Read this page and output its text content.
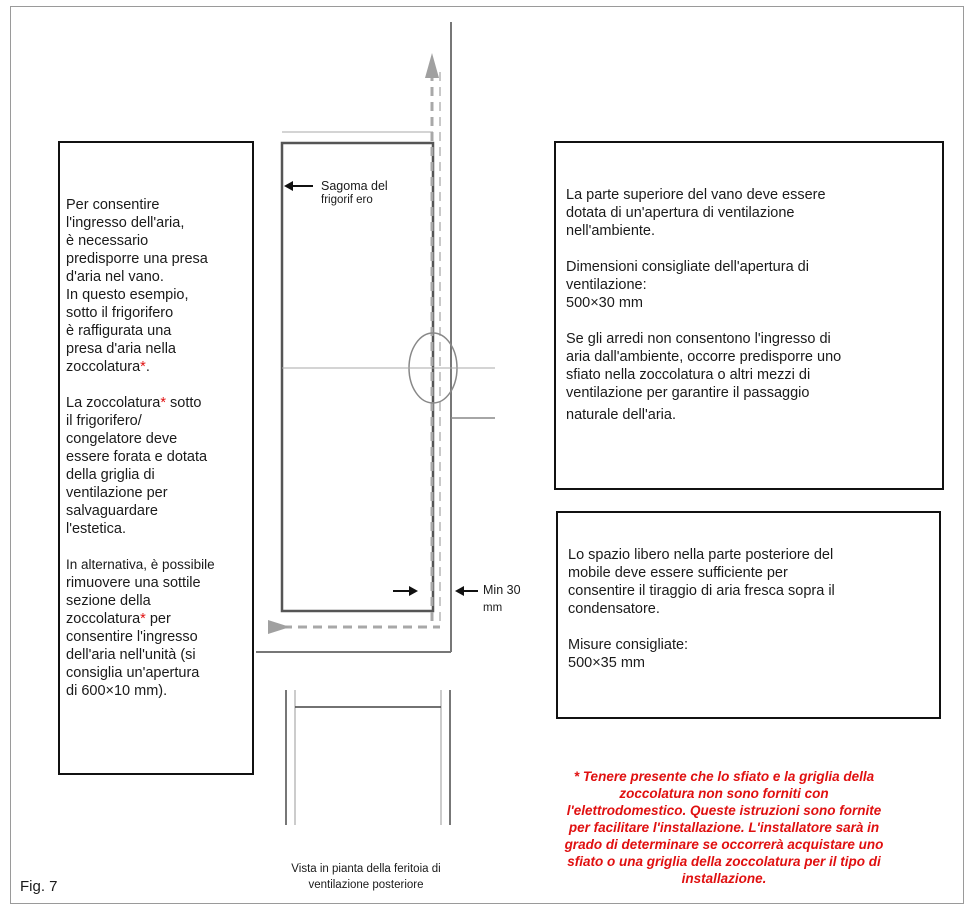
Per consentire
l'ingresso dell'aria,
è necessario
predisporre una presa
d'aria nel vano.
In questo esempio,
sotto il frigorifero
è raffigurata una
presa d'aria nella
zoccolatura*.
La zoccolatura* sotto
il frigorifero/
congelatore deve
essere forata e dotata
della griglia di
ventilazione per
salvaguardare
l'estetica.
In alternativa, è possibile
rimuovere una sottile
sezione della
zoccolatura* per
consentire l'ingresso
dell'aria nell'unità (si
consiglia un'apertura
di 600×10 mm).
La parte superiore del vano deve essere
dotata di un'apertura di ventilazione
nell'ambiente.
Dimensioni consigliate dell'apertura di
ventilazione:
500×30 mm
Se gli arredi non consentono l'ingresso di
aria dall'ambiente, occorre predisporre uno
sfiato nella zoccolatura o altri mezzi di
ventilazione per garantire il passaggio
naturale dell'aria.
Lo spazio libero nella parte posteriore del
mobile deve essere sufficiente per
consentire il tiraggio di aria fresca sopra il
condensatore.
Misure consigliate:
500×35 mm
Sagoma del
frigorif ero
Min 30
mm
Vista in pianta della feritoia di
ventilazione posteriore
* Tenere presente che lo sfiato e la griglia della
zoccolatura non sono forniti con
l'elettrodomestico. Queste istruzioni sono fornite
per facilitare l'installazione. L'installatore sarà in
grado di determinare se occorrerà acquistare uno
sfiato o una griglia della zoccolatura per il tipo di
installazione.
Fig. 7
